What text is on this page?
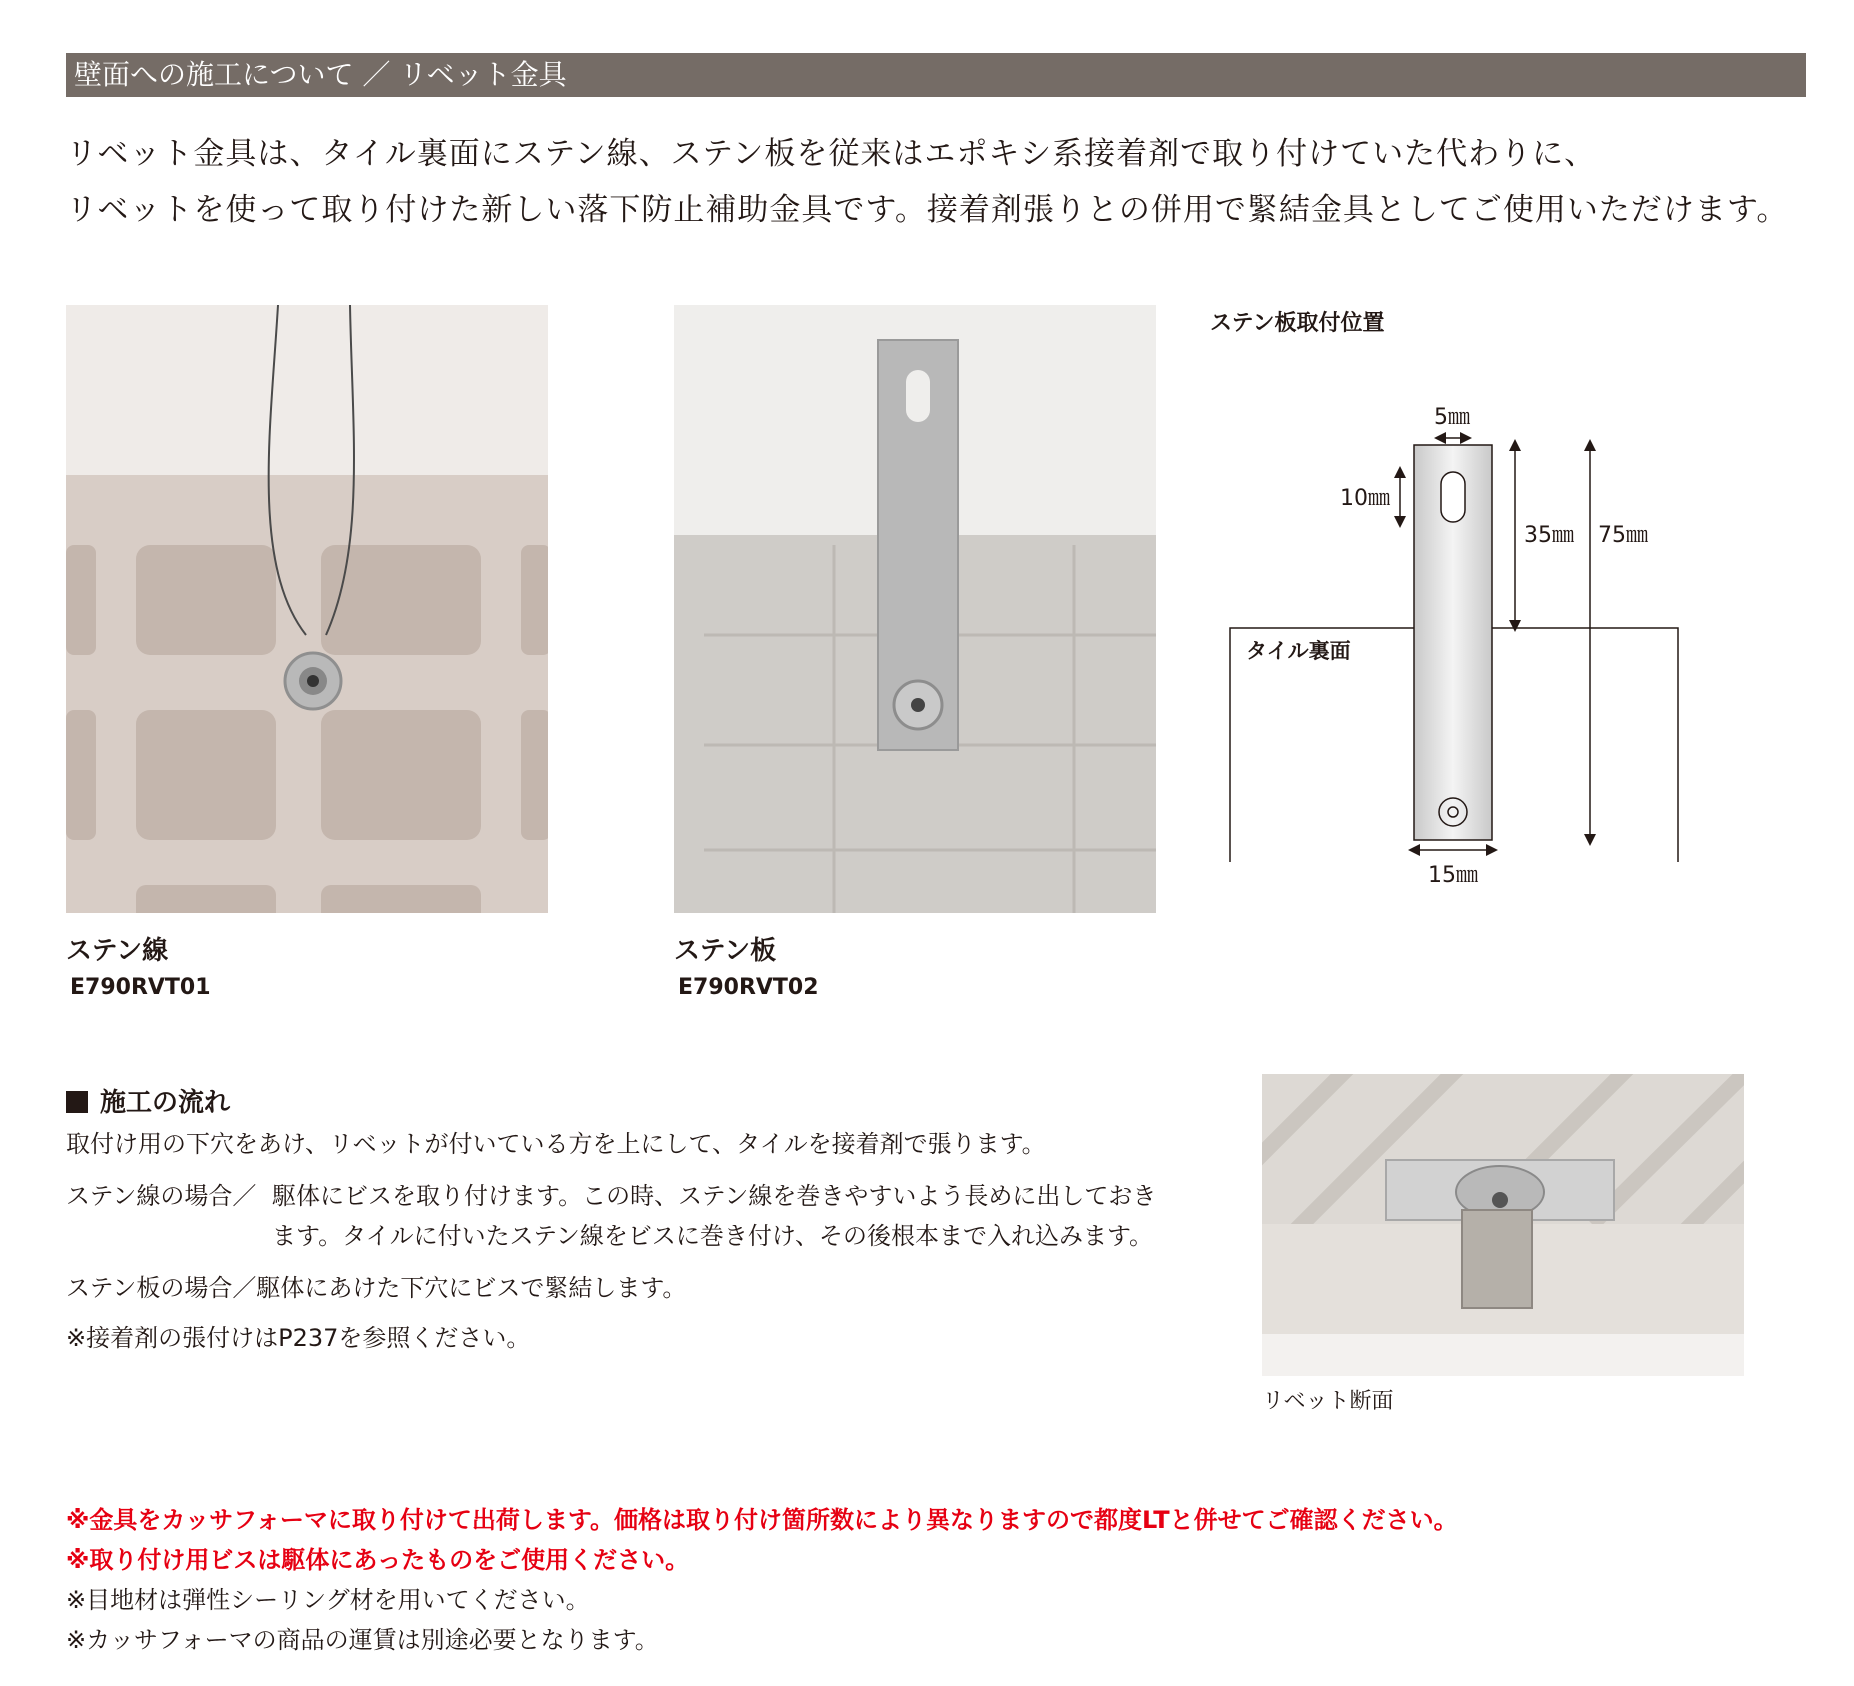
壁面への施工について ／ リベット金具
リベット金具は、タイル裏面にステン線、ステン板を従来はエポキシ系接着剤で取り付けていた代わりに、
リベットを使って取り付けた新しい落下防止補助金具です。接着剤張りとの併用で緊結金具としてご使用いただけます。
ステン線
E790RVT01
ステン板
E790RVT02
ステン板取付位置
5㎜
10㎜
35㎜ 75㎜
15㎜
タイル裏面
施工の流れ
取付け用の下穴をあけ、リベットが付いている方を上にして、タイルを接着剤で張ります。
ステン線の場合／ 駆体にビスを取り付けます。この時、ステン線を巻きやすいよう長めに出しておき
ます。タイルに付いたステン線をビスに巻き付け、その後根本まで入れ込みます。
ステン板の場合／駆体にあけた下穴にビスで緊結します。
※接着剤の張付けはP237を参照ください。
リベット断面
※金具をカッサフォーマに取り付けて出荷します。価格は取り付け箇所数により異なりますので都度LTと併せてご確認ください。
※取り付け用ビスは駆体にあったものをご使用ください。
※目地材は弾性シーリング材を用いてください。
※カッサフォーマの商品の運賃は別途必要となります。
